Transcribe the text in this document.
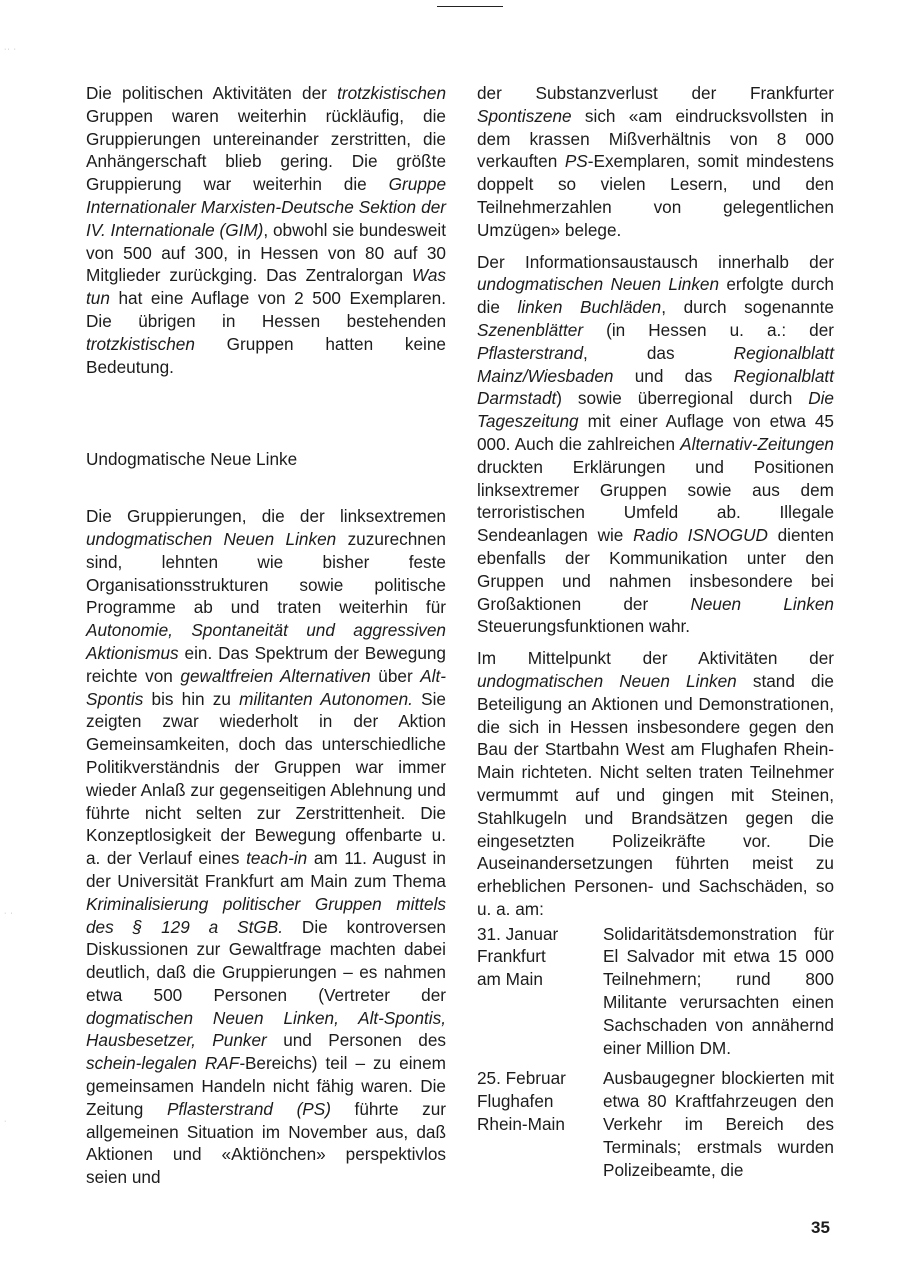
·· ·
· ·
·

Die politischen Aktivitäten der trotzkistischen Gruppen waren weiterhin rückläufig, die Gruppierungen untereinander zerstritten, die Anhängerschaft blieb gering. Die größte Gruppierung war weiterhin die Gruppe Internationaler Marxisten-Deutsche Sektion der IV. Internationale (GIM), obwohl sie bundesweit von 500 auf 300, in Hessen von 80 auf 30 Mitglieder zurückging. Das Zentralorgan Was tun hat eine Auflage von 2 500 Exemplaren. Die übrigen in Hessen bestehenden trotzkistischen Gruppen hatten keine Bedeutung.

Undogmatische Neue Linke

Die Gruppierungen, die der linksextremen undogmatischen Neuen Linken zuzurechnen sind, lehnten wie bisher feste Organisationsstrukturen sowie politische Programme ab und traten weiterhin für Autonomie, Spontaneität und aggressiven Aktionismus ein. Das Spektrum der Bewegung reichte von gewaltfreien Alternativen über Alt-Spontis bis hin zu militanten Autonomen. Sie zeigten zwar wiederholt in der Aktion Gemeinsamkeiten, doch das unterschiedliche Politikverständnis der Gruppen war immer wieder Anlaß zur gegenseitigen Ablehnung und führte nicht selten zur Zerstrittenheit. Die Konzeptlosigkeit der Bewegung offenbarte u. a. der Verlauf eines teach-in am 11. August in der Universität Frankfurt am Main zum Thema Kriminalisierung politischer Gruppen mittels des § 129 a StGB. Die kontroversen Diskussionen zur Gewaltfrage machten dabei deutlich, daß die Gruppierungen – es nahmen etwa 500 Personen (Vertreter der dogmatischen Neuen Linken, Alt-Spontis, Hausbesetzer, Punker und Personen des schein-legalen RAF-Bereichs) teil – zu einem gemeinsamen Handeln nicht fähig waren. Die Zeitung Pflasterstrand (PS) führte zur allgemeinen Situation im November aus, daß Aktionen und «Aktiönchen» perspektivlos seien und

der Substanzverlust der Frankfurter Spontiszene sich «am eindrucksvollsten in dem krassen Mißverhältnis von 8 000 verkauften PS-Exemplaren, somit mindestens doppelt so vielen Lesern, und den Teilnehmerzahlen von gelegentlichen Umzügen» belege.

Der Informationsaustausch innerhalb der undogmatischen Neuen Linken erfolgte durch die linken Buchläden, durch sogenannte Szenenblätter (in Hessen u. a.: der Pflasterstrand, das Regionalblatt Mainz/Wiesbaden und das Regionalblatt Darmstadt) sowie überregional durch Die Tageszeitung mit einer Auflage von etwa 45 000. Auch die zahlreichen Alternativ-Zeitungen druckten Erklärungen und Positionen linksextremer Gruppen sowie aus dem terroristischen Umfeld ab. Illegale Sendeanlagen wie Radio ISNOGUD dienten ebenfalls der Kommunikation unter den Gruppen und nahmen insbesondere bei Großaktionen der Neuen Linken Steuerungsfunktionen wahr.

Im Mittelpunkt der Aktivitäten der undogmatischen Neuen Linken stand die Beteiligung an Aktionen und Demonstrationen, die sich in Hessen insbesondere gegen den Bau der Startbahn West am Flughafen Rhein-Main richteten. Nicht selten traten Teilnehmer vermummt auf und gingen mit Steinen, Stahlkugeln und Brandsätzen gegen die eingesetzten Polizeikräfte vor. Die Auseinandersetzungen führten meist zu erheblichen Personen- und Sachschäden, so u. a. am:

31. Januar
Frankfurt
am Main
Solidaritätsdemonstration für El Salvador mit etwa 15 000 Teilnehmern; rund 800 Militante verursachten einen Sachschaden von annähernd einer Million DM.
25. Februar
Flughafen
Rhein-Main
Ausbaugegner blockierten mit etwa 80 Kraftfahrzeugen den Verkehr im Bereich des Terminals; erstmals wurden Polizeibeamte, die
35
